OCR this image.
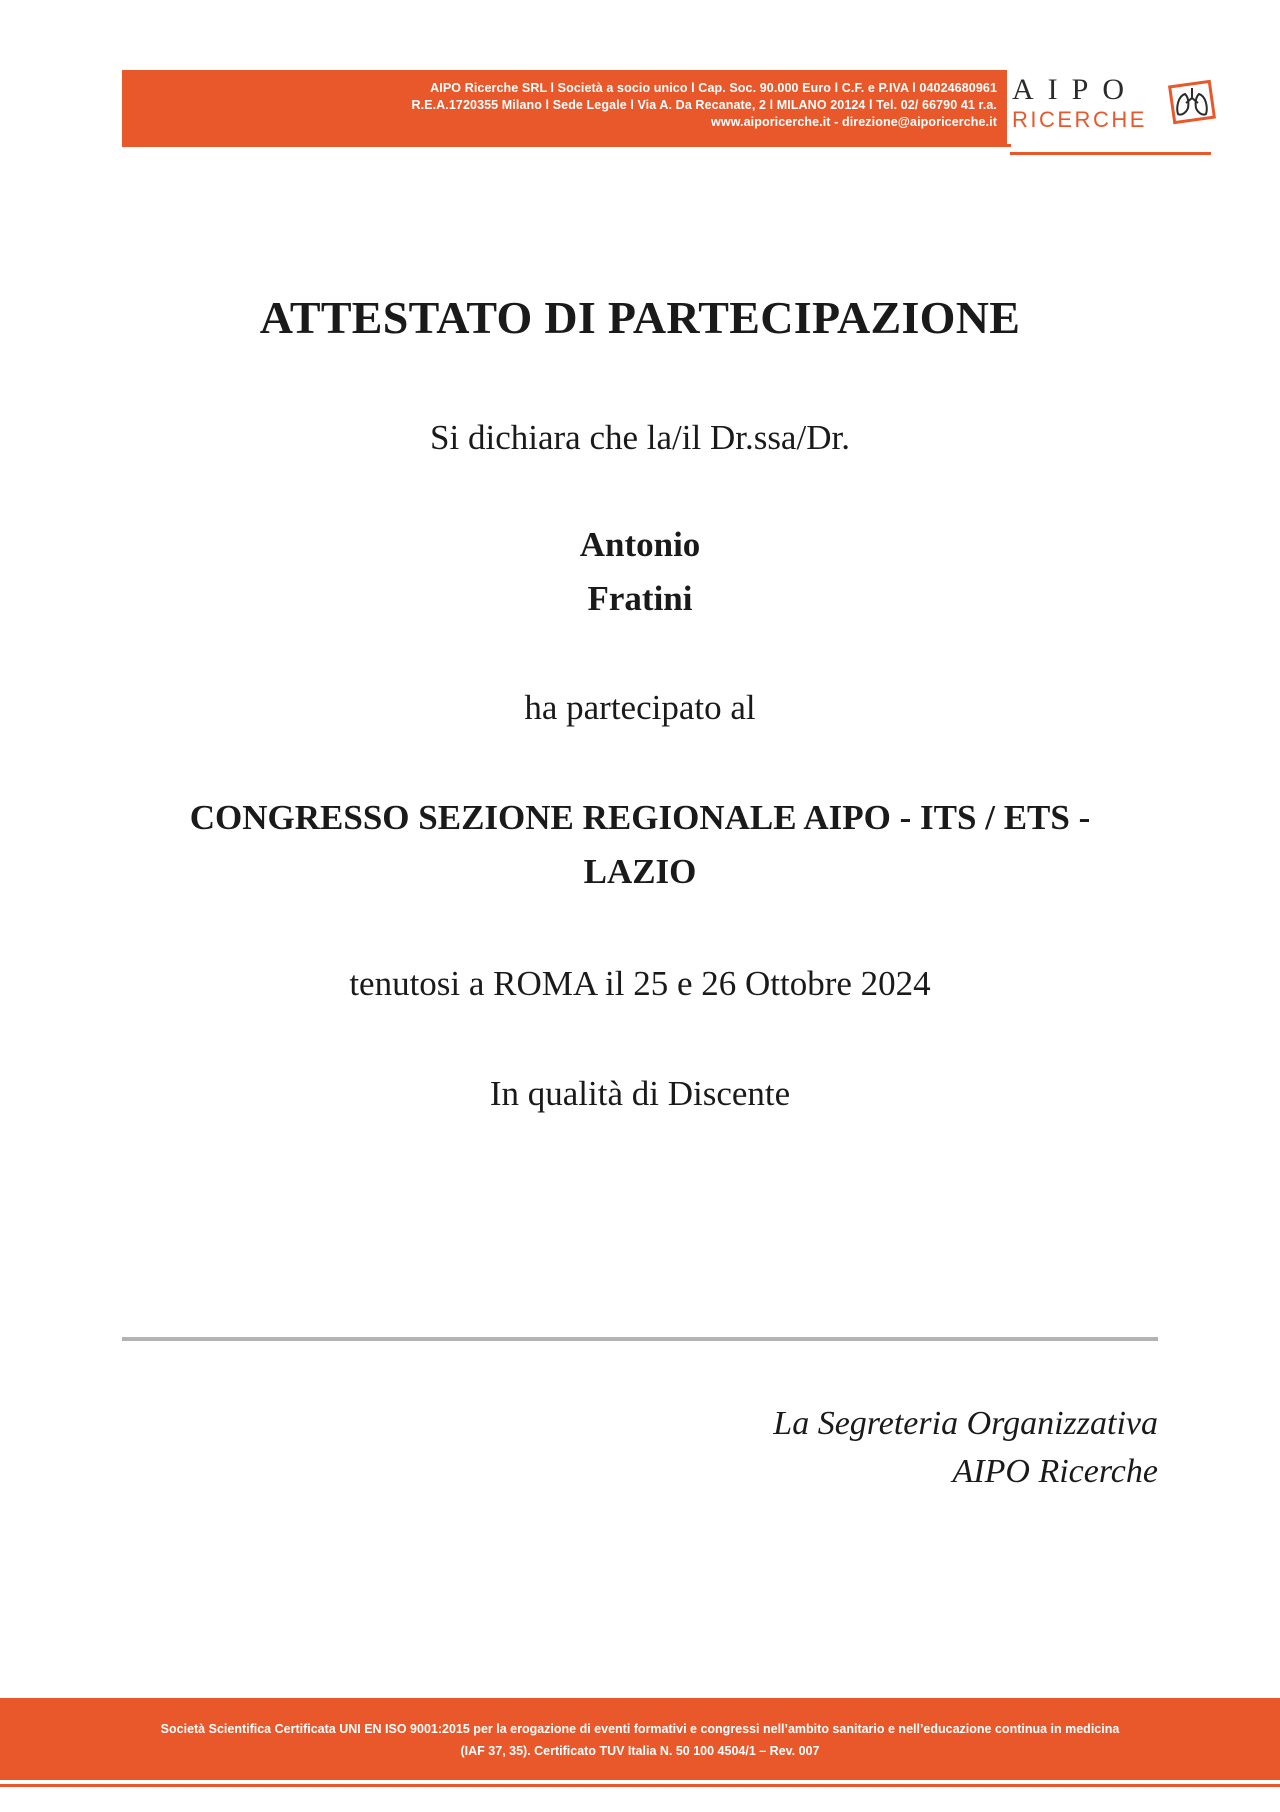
AIPO Ricerche SRL l Società a socio unico l Cap. Soc. 90.000 Euro l C.F. e P.IVA l 04024680961
R.E.A.1720355 Milano l Sede Legale l Via A. Da Recanate, 2 l MILANO 20124 l Tel. 02/ 66790 41 r.a.
www.aiporicerche.it - direzione@aiporicerche.it
AIPO
RICERCHE
ATTESTATO DI PARTECIPAZIONE
Si dichiara che la/il Dr.ssa/Dr.
Antonio
Fratini
ha partecipato al
CONGRESSO SEZIONE REGIONALE AIPO - ITS / ETS -
LAZIO
tenutosi a ROMA il 25 e 26 Ottobre 2024
In qualità di Discente
La Segreteria Organizzativa
AIPO Ricerche
Società Scientifica Certificata UNI EN ISO 9001:2015 per la erogazione di eventi formativi e congressi nell’ambito sanitario e nell’educazione continua in medicina
(IAF 37, 35). Certificato TUV Italia N. 50 100 4504/1 – Rev. 007
